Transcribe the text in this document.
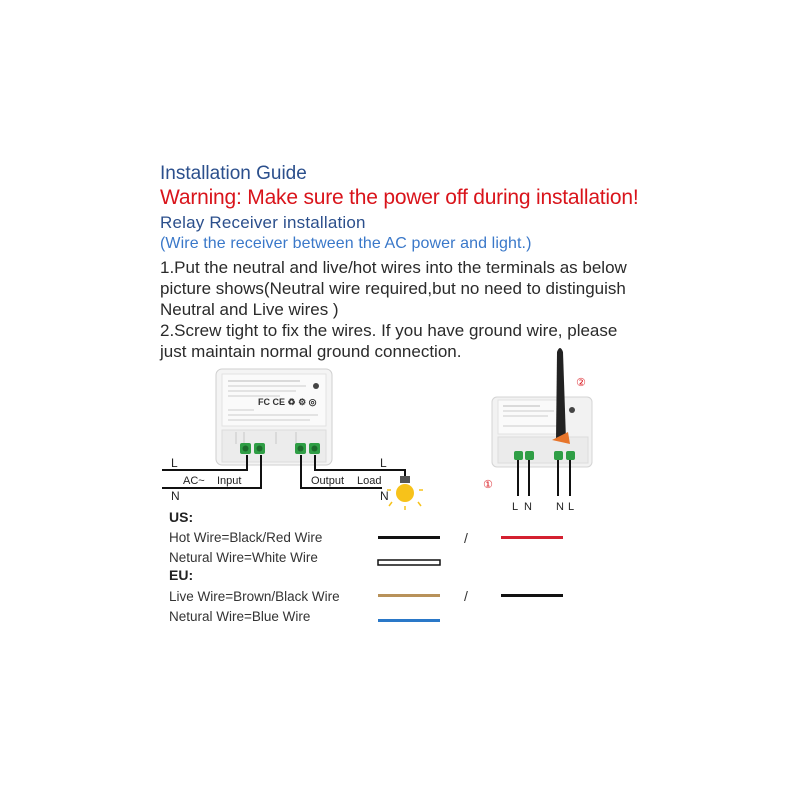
Installation Guide
Warning: Make sure the power off during installation!
Relay Receiver installation
(Wire the receiver between the AC power and light.)
1.Put the neutral and live/hot wires into the terminals as below picture shows(Neutral wire required,but no need to distinguish Neutral and Live wires )
2.Screw tight to fix the wires. If you have ground wire, please just maintain normal ground connection.
FC CE ♻ ⚙ ◎
L
N
AC~ Input	Output Load
L
N
①
②
L N N L
US:
Hot Wire=Black/Red Wire
Netural Wire=White Wire
EU:
Live Wire=Brown/Black Wire
Netural Wire=Blue Wire
/
/
